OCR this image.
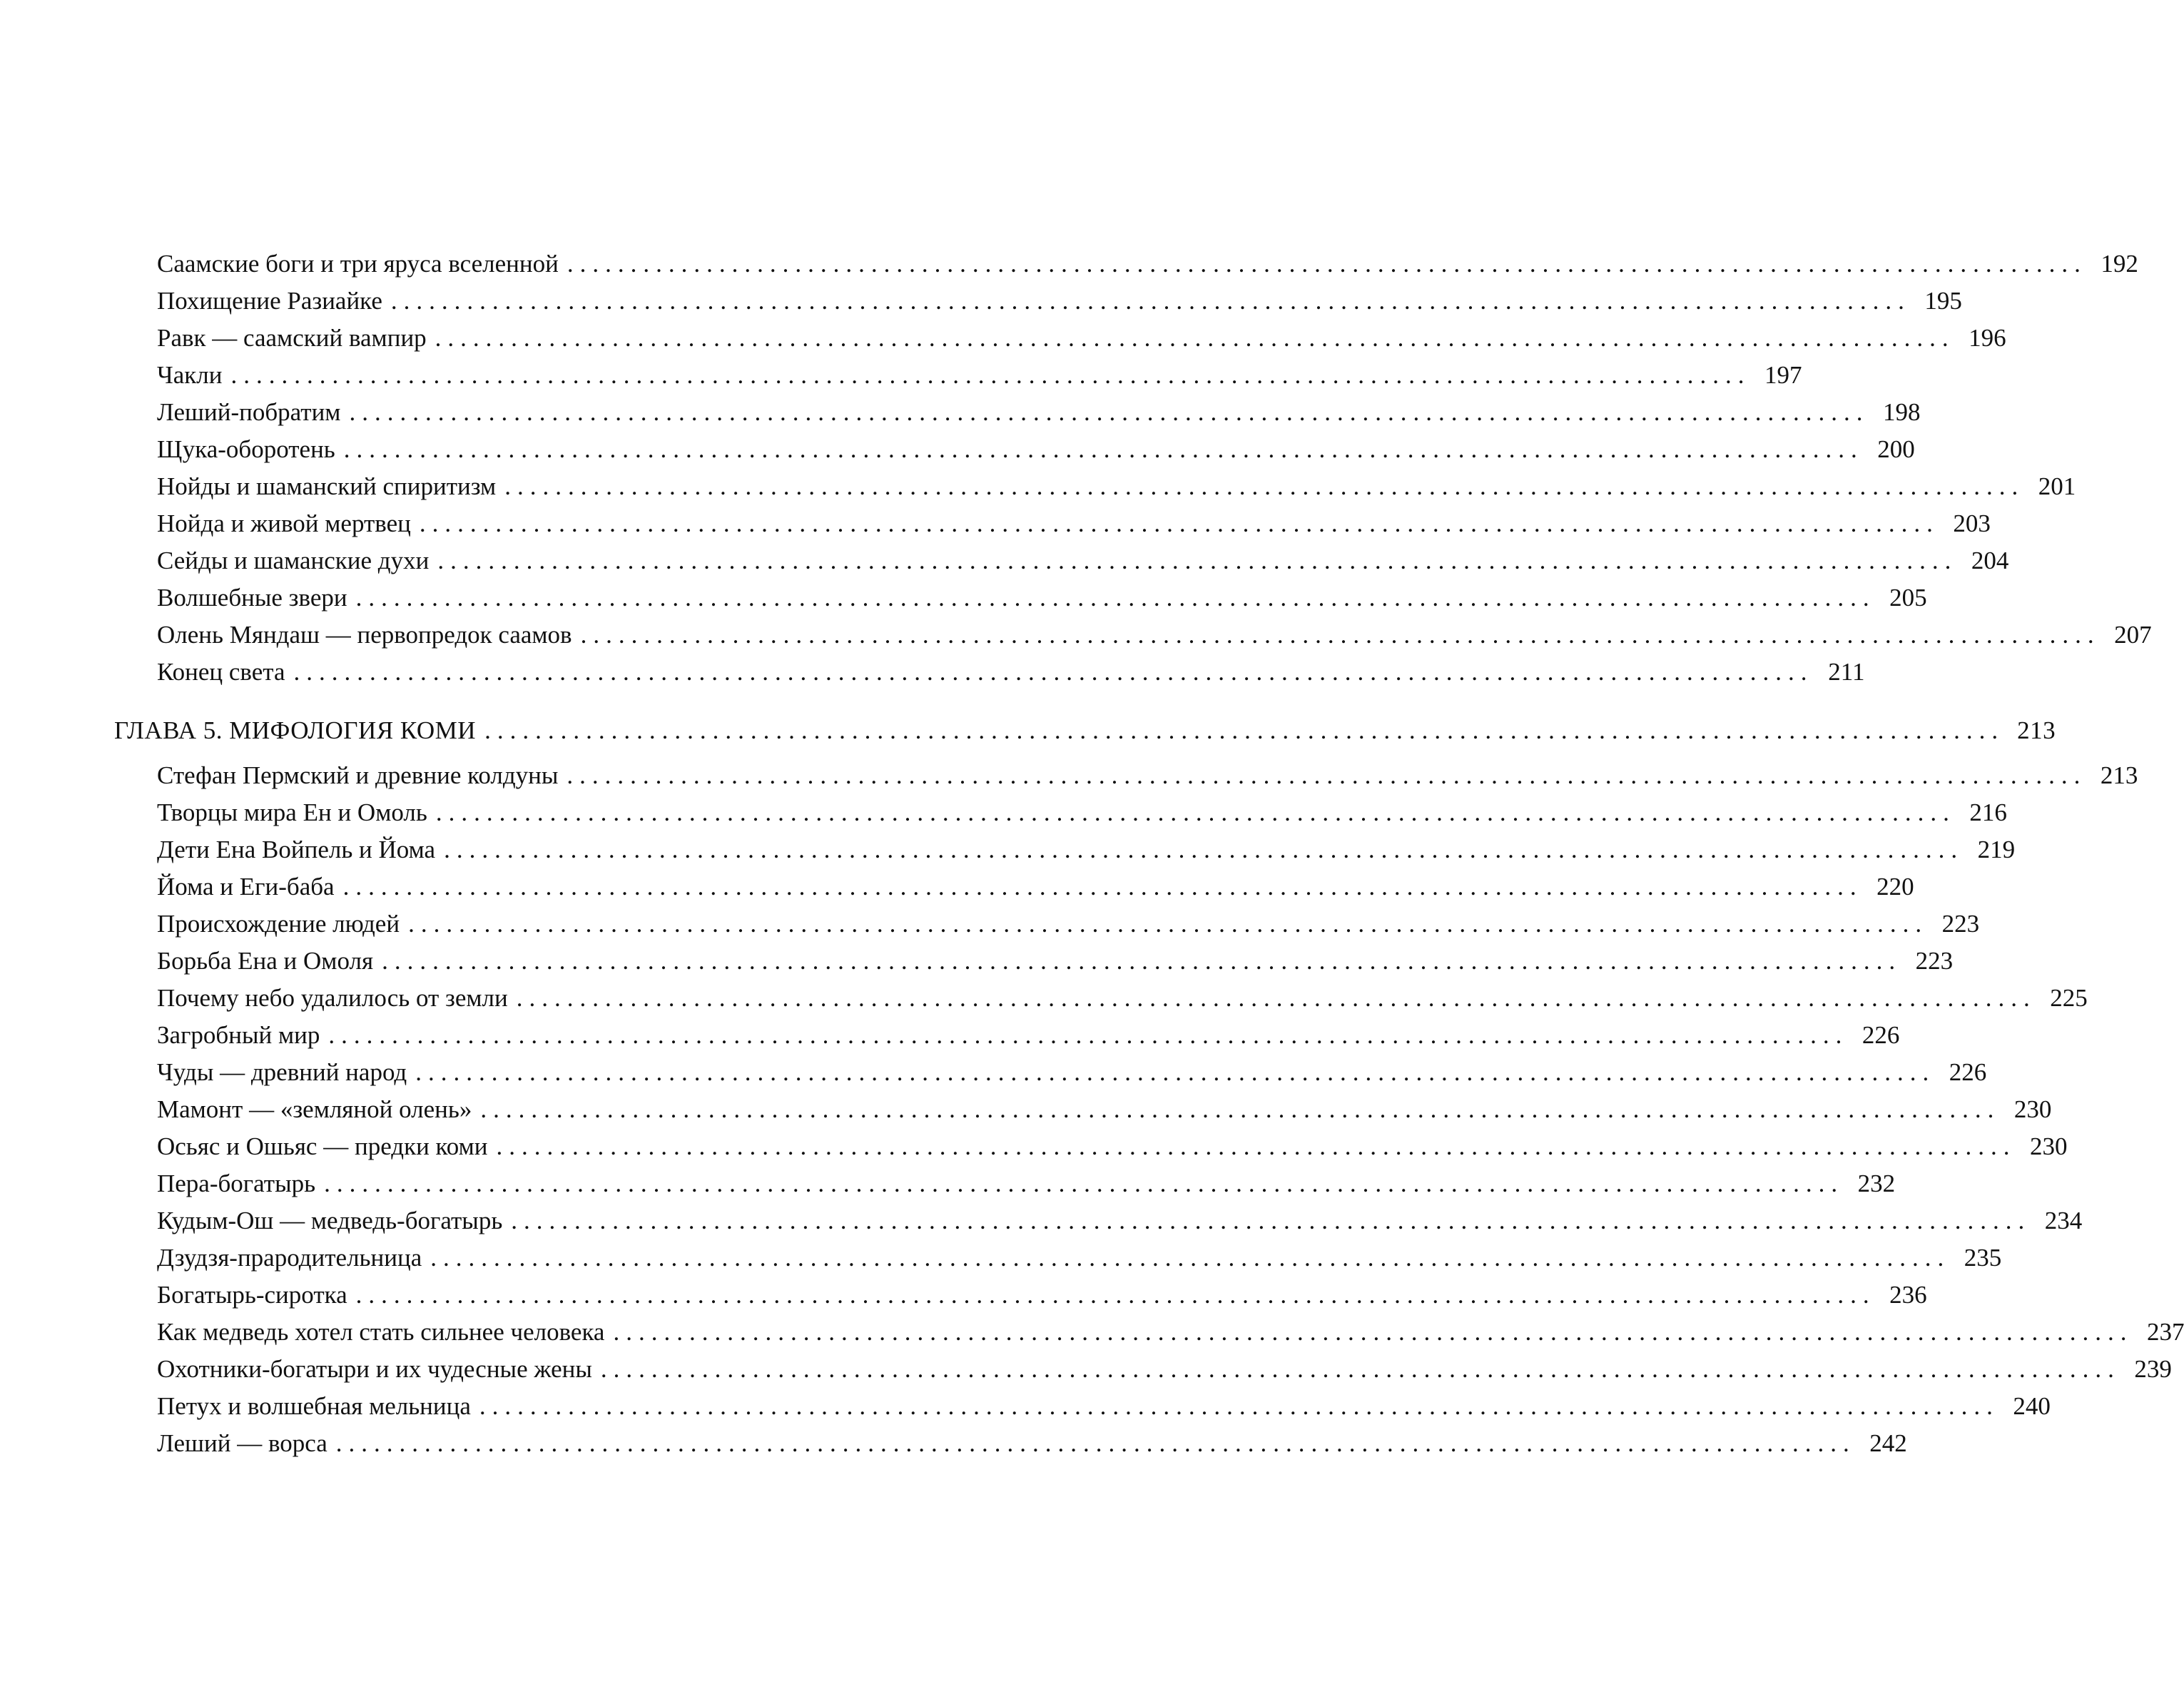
Саамские боги и три яруса вселенной ........................................................................................................................ 192
Похищение Разиайке ........................................................................................................................ 195
Равк — саамский вампир ........................................................................................................................ 196
Чакли ........................................................................................................................ 197
Леший-побратим ........................................................................................................................ 198
Щука-оборотень ........................................................................................................................ 200
Нойды и шаманский спиритизм ........................................................................................................................ 201
Нойда и живой мертвец ........................................................................................................................ 203
Сейды и шаманские духи ........................................................................................................................ 204
Волшебные звери ........................................................................................................................ 205
Олень Мяндаш — первопредок саамов ........................................................................................................................ 207
Конец света ........................................................................................................................ 211
ГЛАВА 5. МИФОЛОГИЯ КОМИ ........................................................................................................................ 213
Стефан Пермский и древние колдуны ........................................................................................................................ 213
Творцы мира Ен и Омоль ........................................................................................................................ 216
Дети Ена Войпель и Йома ........................................................................................................................ 219
Йома и Еги-баба ........................................................................................................................ 220
Происхождение людей ........................................................................................................................ 223
Борьба Ена и Омоля ........................................................................................................................ 223
Почему небо удалилось от земли ........................................................................................................................ 225
Загробный мир ........................................................................................................................ 226
Чуды — древний народ ........................................................................................................................ 226
Мамонт — «земляной олень» ........................................................................................................................ 230
Осьяс и Ошьяс — предки коми ........................................................................................................................ 230
Пера-богатырь ........................................................................................................................ 232
Кудым-Ош — медведь-богатырь ........................................................................................................................ 234
Дзудзя-прародительница ........................................................................................................................ 235
Богатырь-сиротка ........................................................................................................................ 236
Как медведь хотел стать сильнее человека ........................................................................................................................ 237
Охотники-богатыри и их чудесные жены ........................................................................................................................ 239
Петух и волшебная мельница ........................................................................................................................ 240
Леший — ворса ........................................................................................................................ 242
